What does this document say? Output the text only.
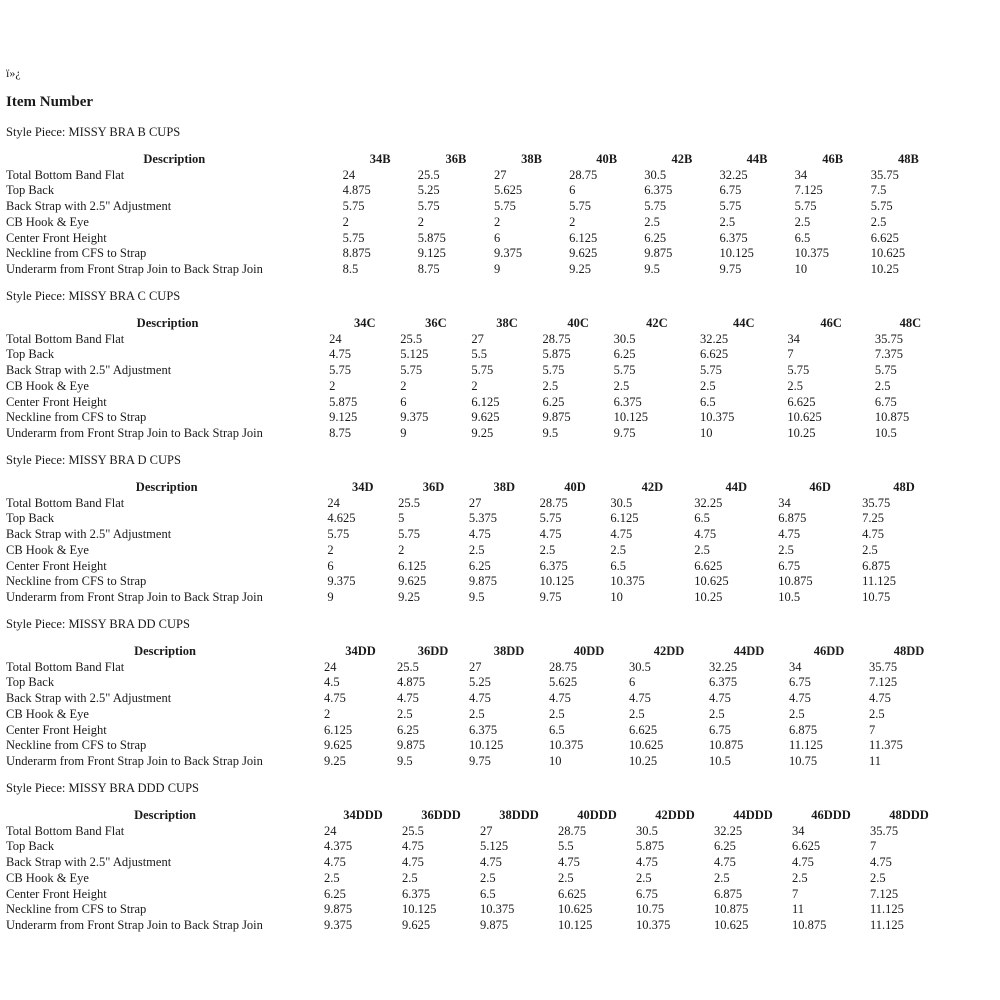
ï»¿
Item Number
Style Piece: MISSY BRA B CUPS
Description	34B	36B	38B	40B	42B	44B	46B	48B
Total Bottom Band Flat	24	25.5	27	28.75	30.5	32.25	34	35.75
Top Back	4.875	5.25	5.625	6	6.375	6.75	7.125	7.5
Back Strap with 2.5" Adjustment	5.75	5.75	5.75	5.75	5.75	5.75	5.75	5.75
CB Hook & Eye	2	2	2	2	2.5	2.5	2.5	2.5
Center Front Height	5.75	5.875	6	6.125	6.25	6.375	6.5	6.625
Neckline from CFS to Strap	8.875	9.125	9.375	9.625	9.875	10.125	10.375	10.625
Underarm from Front Strap Join to Back Strap Join	8.5	8.75	9	9.25	9.5	9.75	10	10.25
Style Piece: MISSY BRA C CUPS
Description	34C	36C	38C	40C	42C	44C	46C	48C
Total Bottom Band Flat	24	25.5	27	28.75	30.5	32.25	34	35.75
Top Back	4.75	5.125	5.5	5.875	6.25	6.625	7	7.375
Back Strap with 2.5" Adjustment	5.75	5.75	5.75	5.75	5.75	5.75	5.75	5.75
CB Hook & Eye	2	2	2	2.5	2.5	2.5	2.5	2.5
Center Front Height	5.875	6	6.125	6.25	6.375	6.5	6.625	6.75
Neckline from CFS to Strap	9.125	9.375	9.625	9.875	10.125	10.375	10.625	10.875
Underarm from Front Strap Join to Back Strap Join	8.75	9	9.25	9.5	9.75	10	10.25	10.5
Style Piece: MISSY BRA D CUPS
Description	34D	36D	38D	40D	42D	44D	46D	48D
Total Bottom Band Flat	24	25.5	27	28.75	30.5	32.25	34	35.75
Top Back	4.625	5	5.375	5.75	6.125	6.5	6.875	7.25
Back Strap with 2.5" Adjustment	5.75	5.75	4.75	4.75	4.75	4.75	4.75	4.75
CB Hook & Eye	2	2	2.5	2.5	2.5	2.5	2.5	2.5
Center Front Height	6	6.125	6.25	6.375	6.5	6.625	6.75	6.875
Neckline from CFS to Strap	9.375	9.625	9.875	10.125	10.375	10.625	10.875	11.125
Underarm from Front Strap Join to Back Strap Join	9	9.25	9.5	9.75	10	10.25	10.5	10.75
Style Piece: MISSY BRA DD CUPS
Description	34DD	36DD	38DD	40DD	42DD	44DD	46DD	48DD
Total Bottom Band Flat	24	25.5	27	28.75	30.5	32.25	34	35.75
Top Back	4.5	4.875	5.25	5.625	6	6.375	6.75	7.125
Back Strap with 2.5" Adjustment	4.75	4.75	4.75	4.75	4.75	4.75	4.75	4.75
CB Hook & Eye	2	2.5	2.5	2.5	2.5	2.5	2.5	2.5
Center Front Height	6.125	6.25	6.375	6.5	6.625	6.75	6.875	7
Neckline from CFS to Strap	9.625	9.875	10.125	10.375	10.625	10.875	11.125	11.375
Underarm from Front Strap Join to Back Strap Join	9.25	9.5	9.75	10	10.25	10.5	10.75	11
Style Piece: MISSY BRA DDD CUPS
Description	34DDD	36DDD	38DDD	40DDD	42DDD	44DDD	46DDD	48DDD
Total Bottom Band Flat	24	25.5	27	28.75	30.5	32.25	34	35.75
Top Back	4.375	4.75	5.125	5.5	5.875	6.25	6.625	7
Back Strap with 2.5" Adjustment	4.75	4.75	4.75	4.75	4.75	4.75	4.75	4.75
CB Hook & Eye	2.5	2.5	2.5	2.5	2.5	2.5	2.5	2.5
Center Front Height	6.25	6.375	6.5	6.625	6.75	6.875	7	7.125
Neckline from CFS to Strap	9.875	10.125	10.375	10.625	10.75	10.875	11	11.125
Underarm from Front Strap Join to Back Strap Join	9.375	9.625	9.875	10.125	10.375	10.625	10.875	11.125
